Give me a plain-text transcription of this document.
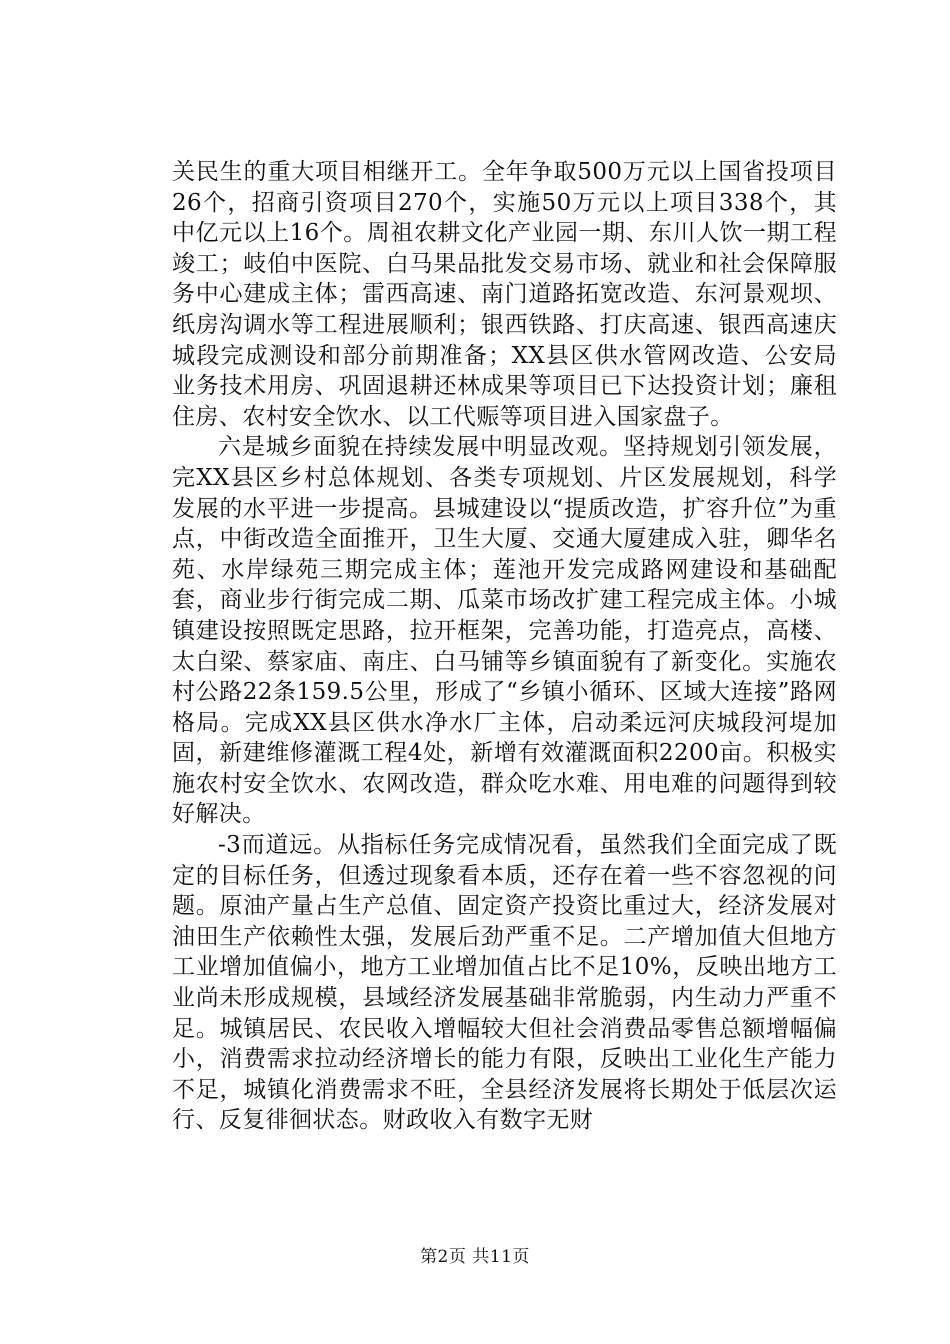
关民生的重大项目相继开工。全年争取500万元以上国省投项目26个，招商引资项目270个，实施50万元以上项目338个，其中亿元以上16个。周祖农耕文化产业园一期、东川人饮一期工程竣工；岐伯中医院、白马果品批发交易市场、就业和社会保障服务中心建成主体；雷西高速、南门道路拓宽改造、东河景观坝、纸房沟调水等工程进展顺利；银西铁路、打庆高速、银西高速庆城段完成测设和部分前期准备；XX县区供水管网改造、公安局业务技术用房、巩固退耕还林成果等项目已下达投资计划；廉租住房、农村安全饮水、以工代赈等项目进入国家盘子。

六是城乡面貌在持续发展中明显改观。坚持规划引领发展，完XX县区乡村总体规划、各类专项规划、片区发展规划，科学发展的水平进一步提高。县城建设以“提质改造，扩容升位”为重点，中街改造全面推开，卫生大厦、交通大厦建成入驻，卿华名苑、水岸绿苑三期完成主体；莲池开发完成路网建设和基础配套，商业步行街完成二期、瓜菜市场改扩建工程完成主体。小城镇建设按照既定思路，拉开框架，完善功能，打造亮点，高楼、太白梁、蔡家庙、南庄、白马铺等乡镇面貌有了新变化。实施农村公路22条159.5公里，形成了“乡镇小循环、区域大连接”路网格局。完成XX县区供水净水厂主体，启动柔远河庆城段河堤加固，新建维修灌溉工程4处，新增有效灌溉面积2200亩。积极实施农村安全饮水、农网改造，群众吃水难、用电难的问题得到较好解决。

-3而道远。从指标任务完成情况看，虽然我们全面完成了既定的目标任务，但透过现象看本质，还存在着一些不容忽视的问题。原油产量占生产总值、固定资产投资比重过大，经济发展对油田生产依赖性太强，发展后劲严重不足。二产增加值大但地方工业增加值偏小，地方工业增加值占比不足10%，反映出地方工业尚未形成规模，县域经济发展基础非常脆弱，内生动力严重不足。城镇居民、农民收入增幅较大但社会消费品零售总额增幅偏小，消费需求拉动经济增长的能力有限，反映出工业化生产能力不足，城镇化消费需求不旺，全县经济发展将长期处于低层次运行、反复徘徊状态。财政收入有数字无财

第2页 共11页
